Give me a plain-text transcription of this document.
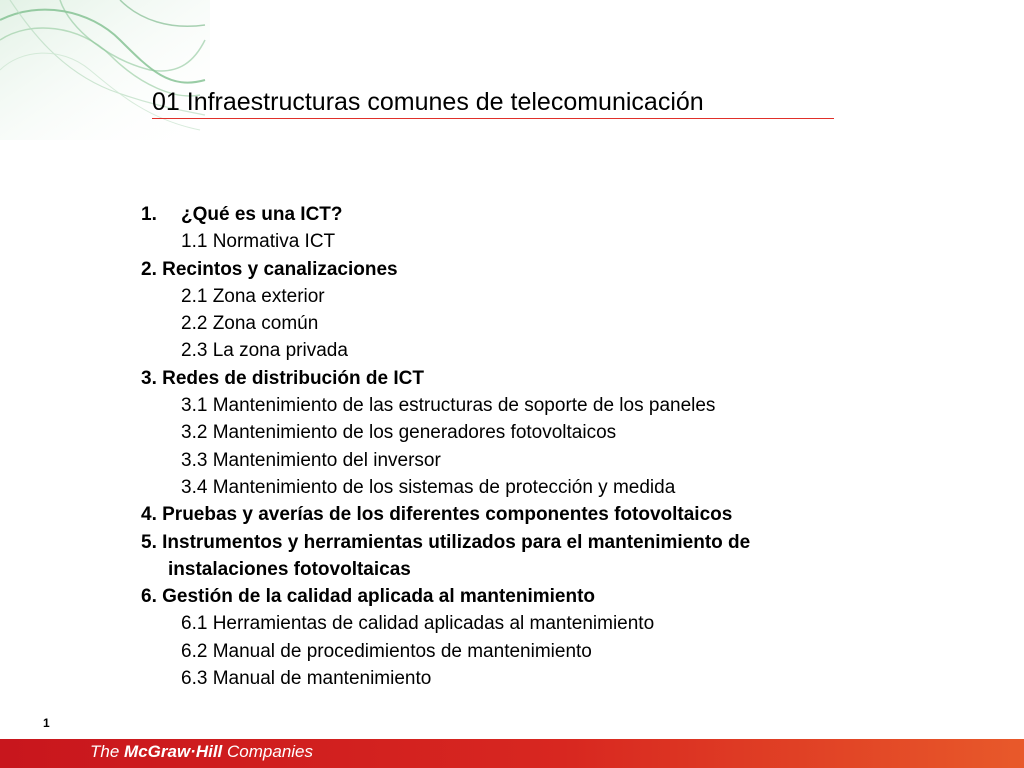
01 Infraestructuras comunes de telecomunicación
1. ¿Qué es una ICT?
1.1 Normativa ICT
2. Recintos y canalizaciones
2.1 Zona exterior
2.2 Zona común
2.3 La zona privada
3. Redes de distribución de ICT
3.1 Mantenimiento de las estructuras de soporte de los paneles
3.2 Mantenimiento de los generadores fotovoltaicos
3.3 Mantenimiento del inversor
3.4 Mantenimiento de los sistemas de protección y medida
4. Pruebas y averías de los diferentes componentes fotovoltaicos
5. Instrumentos y herramientas utilizados para el mantenimiento de
instalaciones fotovoltaicas
6. Gestión de la calidad aplicada al mantenimiento
6.1 Herramientas de calidad aplicadas al mantenimiento
6.2 Manual de procedimientos de mantenimiento
6.3 Manual de mantenimiento
1
The McGraw·Hill Companies
